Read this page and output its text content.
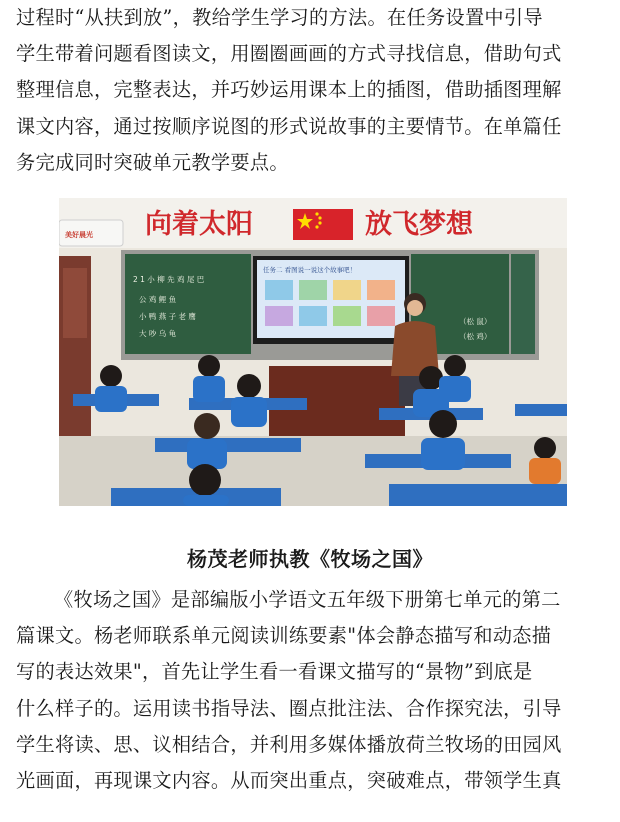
过程时“从扶到放”，教给学生学习的方法。在任务设置中引导
学生带着问题看图读文，用圈圈画画的方式寻找信息，借助句式
整理信息，完整表达，并巧妙运用课本上的插图，借助插图理解
课文内容，通过按顺序说图的形式说故事的主要情节。在单篇任
务完成同时突破单元教学要点。
向着太阳	放飞梦想
美好晨光
2 1 小 柳 先 鸡 尾 巴
公 鸡 鲤 鱼
小 鸭 燕 子 老 鹰
大 吵 乌 龟
（松 鼠）
（松 鸡）
任务二 看图说一说这个故事吧！

杨茂老师执教《牧场之国》

《牧场之国》是部编版小学语文五年级下册第七单元的第二
篇课文。杨老师联系单元阅读训练要素"体会静态描写和动态描
写的表达效果"，首先让学生看一看课文描写的“景物”到底是
什么样子的。运用读书指导法、圈点批注法、合作探究法，引导
学生将读、思、议相结合，并利用多媒体播放荷兰牧场的田园风
光画面，再现课文内容。从而突出重点，突破难点，带领学生真
